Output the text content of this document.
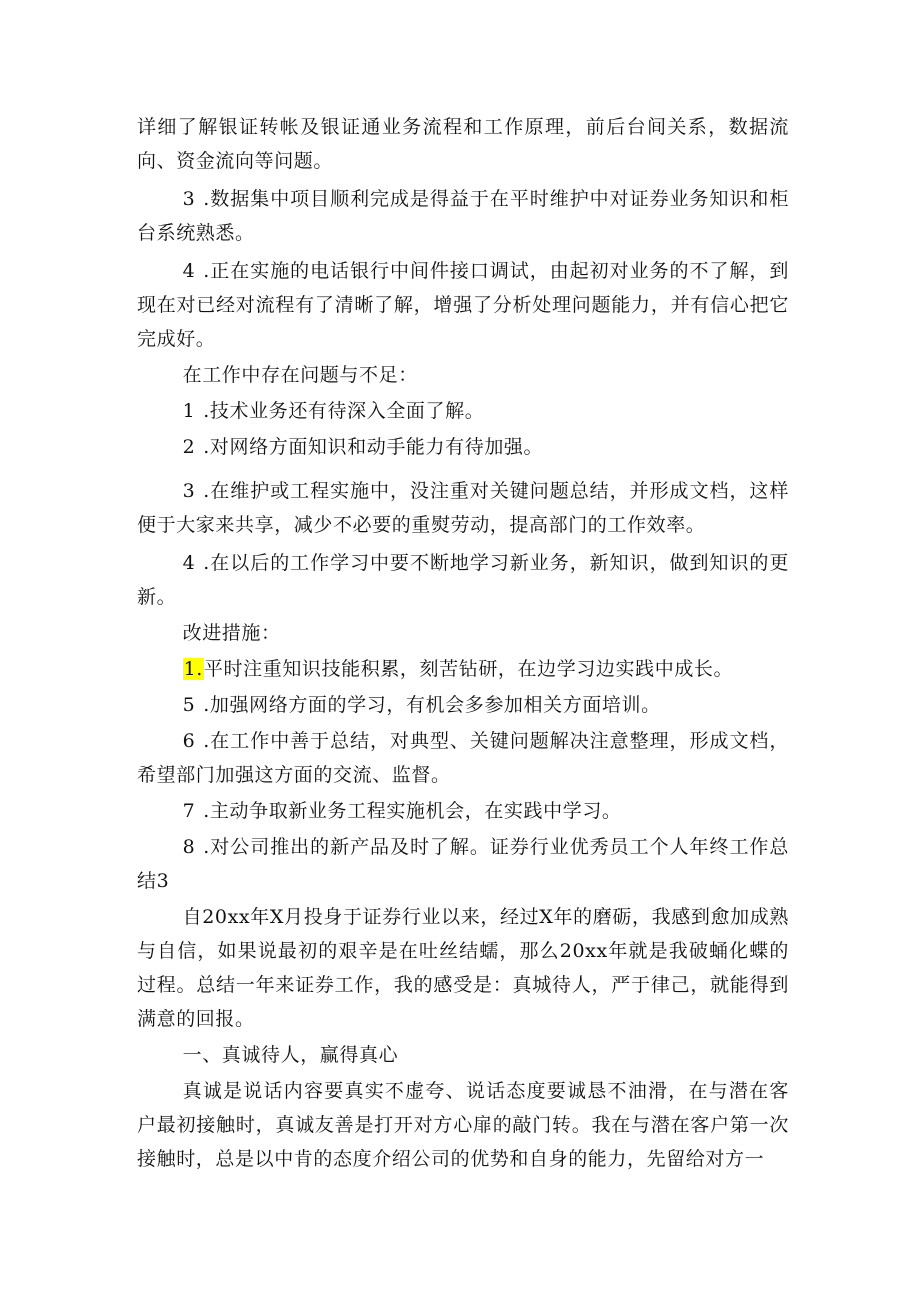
详细了解银证转帐及银证通业务流程和工作原理，前后台间关系，数据流向、资金流向等问题。

3 .数据集中项目顺利完成是得益于在平时维护中对证券业务知识和柜台系统熟悉。

4 .正在实施的电话银行中间件接口调试，由起初对业务的不了解，到现在对已经对流程有了清晰了解，增强了分析处理问题能力，并有信心把它完成好。

在工作中存在问题与不足：

1 .技术业务还有待深入全面了解。

2 .对网络方面知识和动手能力有待加强。

3 .在维护或工程实施中，没注重对关键问题总结，并形成文档，这样便于大家来共享，减少不必要的重熨劳动，提高部门的工作效率。

4 .在以后的工作学习中要不断地学习新业务，新知识，做到知识的更新。

改进措施：

1.平时注重知识技能积累，刻苦钻研，在边学习边实践中成长。

5 .加强网络方面的学习，有机会多参加相关方面培训。

6 .在工作中善于总结，对典型、关键问题解决注意整理，形成文档，希望部门加强这方面的交流、监督。

7 .主动争取新业务工程实施机会，在实践中学习。

8 .对公司推出的新产品及时了解。证券行业优秀员工个人年终工作总结3

自20xx年X月投身于证券行业以来，经过X年的磨砺，我感到愈加成熟与自信，如果说最初的艰辛是在吐丝结蠕，那么20xx年就是我破蛹化蝶的过程。总结一年来证券工作，我的感受是：真城待人，严于律己，就能得到满意的回报。

一、真诚待人，赢得真心

真诚是说话内容要真实不虚夸、说话态度要诚恳不油滑，在与潜在客户最初接触时，真诚友善是打开对方心扉的敲门转。我在与潜在客户第一次接触时，总是以中肯的态度介绍公司的优势和自身的能力，先留给对方一
